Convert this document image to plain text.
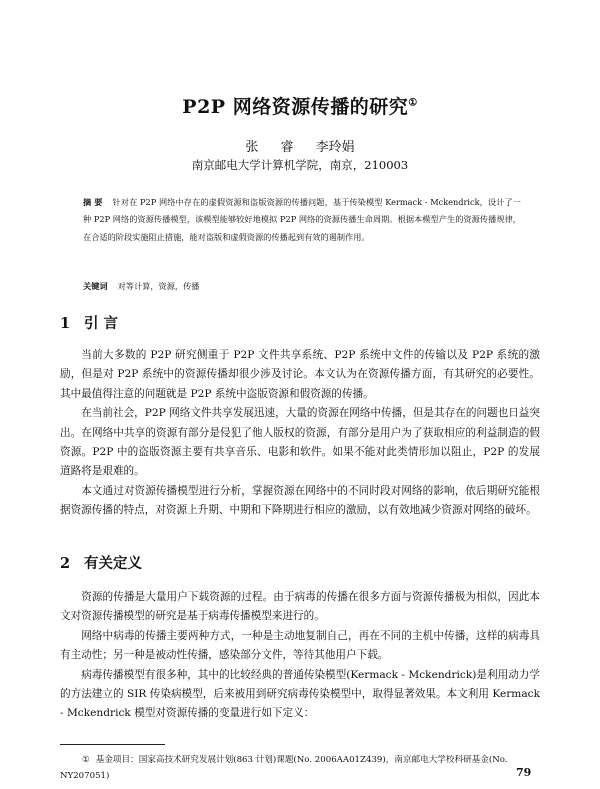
P2P 网络资源传播的研究①
张 睿 李玲娟
南京邮电大学计算机学院，南京，210003
摘 要 针对在 P2P 网络中存在的虚假资源和盗版资源的传播问题，基于传染模型 Kermack - Mckendrick，设计了一种 P2P 网络的资源传播模型，该模型能够较好地模拟 P2P 网络的资源传播生命周期。根据本模型产生的资源传播规律，在合适的阶段实施阻止措施，能对盗版和虚假资源的传播起到有效的遏制作用。
关键词 对等计算，资源，传播
1 引 言

当前大多数的 P2P 研究侧重于 P2P 文件共享系统、P2P 系统中文件的传输以及 P2P 系统的激励，但是对 P2P 系统中的资源传播却很少涉及讨论。本文认为在资源传播方面，有其研究的必要性。其中最值得注意的问题就是 P2P 系统中盗版资源和假资源的传播。

在当前社会，P2P 网络文件共享发展迅速，大量的资源在网络中传播，但是其存在的问题也日益突出。在网络中共享的资源有部分是侵犯了他人版权的资源，有部分是用户为了获取相应的利益制造的假资源。P2P 中的盗版资源主要有共享音乐、电影和软件。如果不能对此类情形加以阻止，P2P 的发展道路将是艰难的。

本文通过对资源传播模型进行分析，掌握资源在网络中的不同时段对网络的影响，依后期研究能根据资源传播的特点，对资源上升期、中期和下降期进行相应的激励，以有效地减少资源对网络的破坏。

2 有关定义

资源的传播是大量用户下载资源的过程。由于病毒的传播在很多方面与资源传播极为相似，因此本文对资源传播模型的研究是基于病毒传播模型来进行的。

网络中病毒的传播主要两种方式，一种是主动地复制自己，再在不同的主机中传播，这样的病毒具有主动性；另一种是被动性传播，感染部分文件，等待其他用户下载。

病毒传播模型有很多种，其中的比较经典的普通传染模型(Kermack - Mckendrick)是利用动力学的方法建立的 SIR 传染病模型，后来被用到研究病毒传染模型中，取得显著效果。本文利用 Kermack - Mckendrick 模型对资源传播的变量进行如下定义：

① 基金项目：国家高技术研究发展计划(863 计划)课题(No. 2006AA01Z439)，南京邮电大学校科研基金(No. NY207051)	79
